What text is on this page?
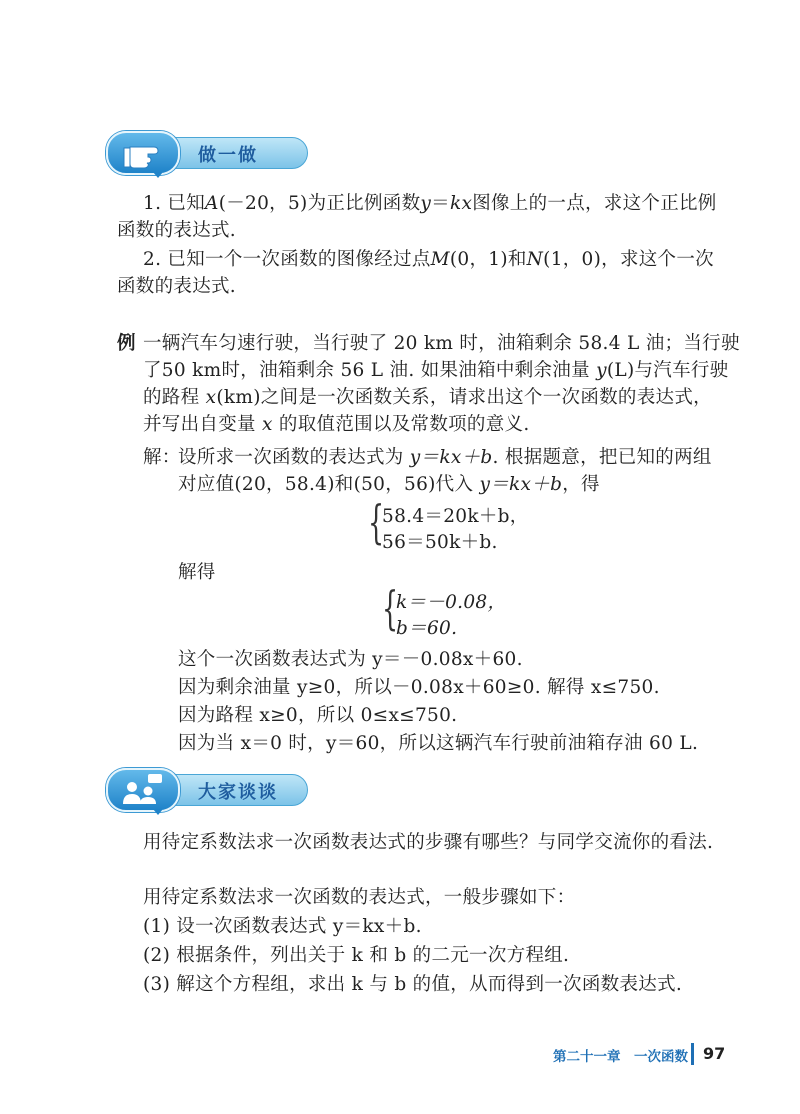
做一做
1. 已知A(－20，5)为正比例函数y＝kx图像上的一点，求这个正比例
函数的表达式.
2. 已知一个一次函数的图像经过点M(0，1)和N(1，0)，求这个一次
函数的表达式.
例 一辆汽车匀速行驶，当行驶了 20 km 时，油箱剩余 58.4 L 油；当行驶
了50 km时，油箱剩余 56 L 油. 如果油箱中剩余油量 y(L)与汽车行驶
的路程 x(km)之间是一次函数关系，请求出这个一次函数的表达式，
并写出自变量 x 的取值范围以及常数项的意义.
解：
设所求一次函数的表达式为 y＝kx＋b. 根据题意，把已知的两组
对应值(20，58.4)和(50，56)代入 y＝kx＋b，得
{
58.4＝20k＋b，
56＝50k＋b.
解得
{
k＝－0.08，
b＝60.
这个一次函数表达式为 y＝－0.08x＋60.
因为剩余油量 y≥0，所以－0.08x＋60≥0. 解得 x≤750.
因为路程 x≥0，所以 0≤x≤750.
因为当 x＝0 时，y＝60，所以这辆汽车行驶前油箱存油 60 L.
大家谈谈
用待定系数法求一次函数表达式的步骤有哪些？与同学交流你的看法.
用待定系数法求一次函数的表达式，一般步骤如下：
(1) 设一次函数表达式 y＝kx＋b.
(2) 根据条件，列出关于 k 和 b 的二元一次方程组.
(3) 解这个方程组，求出 k 与 b 的值，从而得到一次函数表达式.
第二十一章　一次函数 97
